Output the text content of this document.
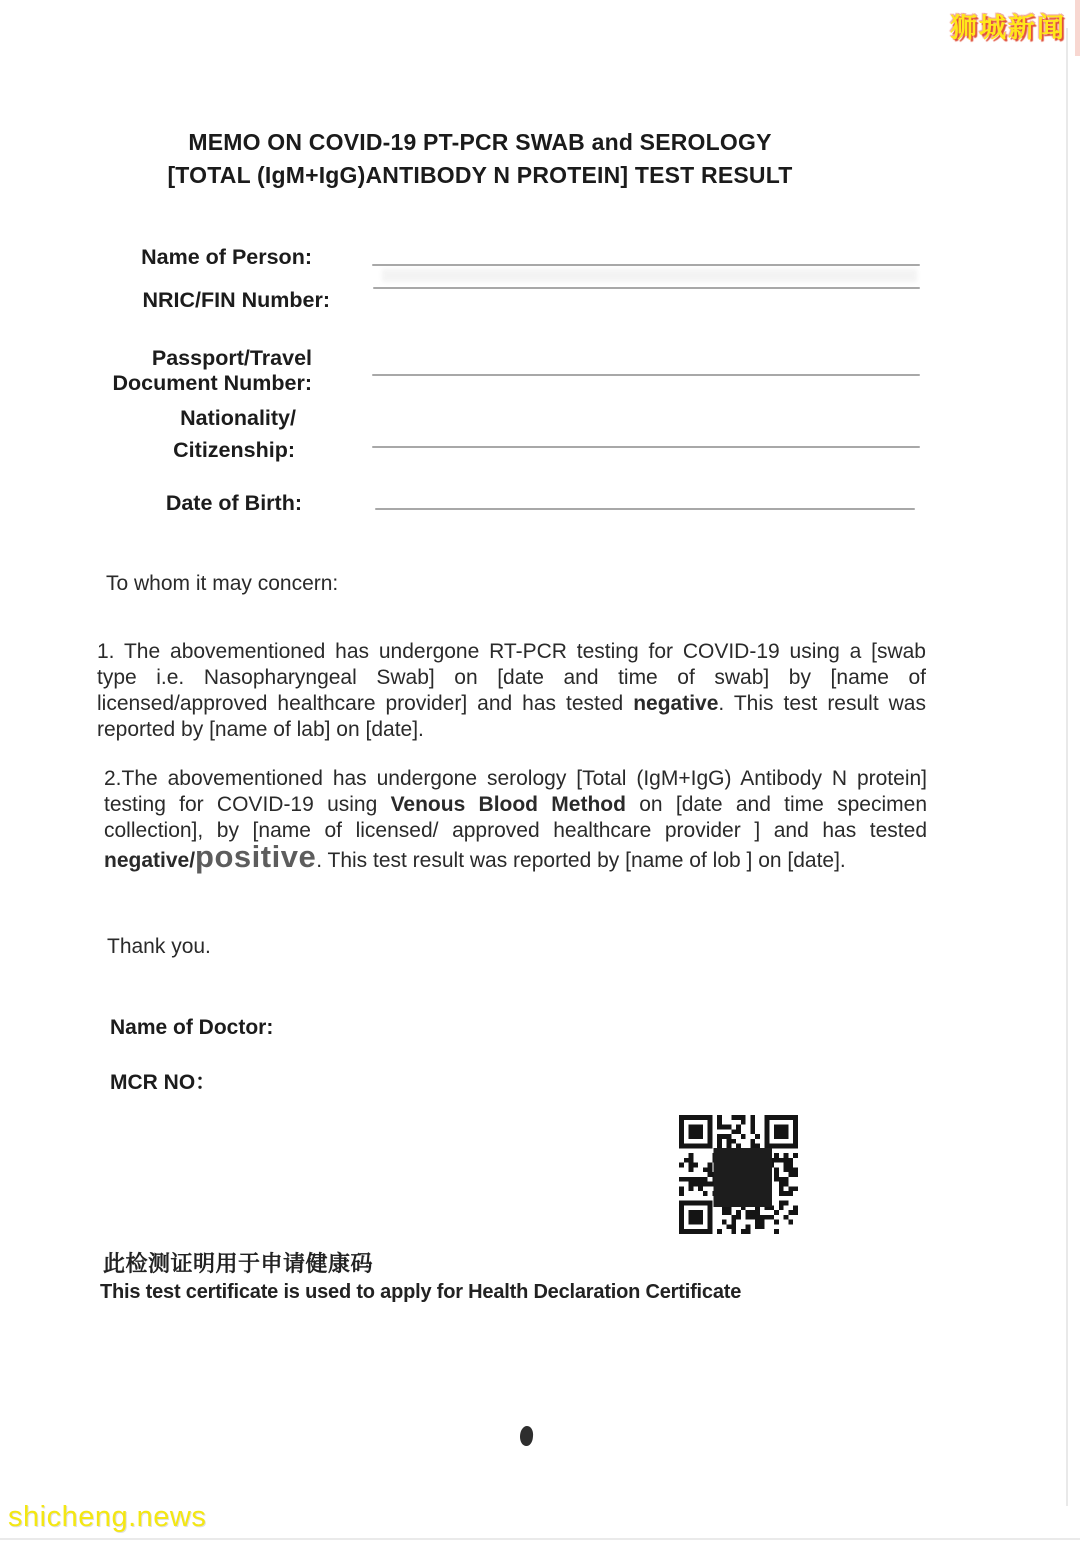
狮城新闻
MEMO ON COVID-19 PT-PCR SWAB and SEROLOGY
[TOTAL (IgM+IgG)ANTIBODY N PROTEIN] TEST RESULT
Name of Person:
NRIC/FIN Number:
Passport/Travel
Document Number:
Nationality/
Citizenship:
Date of Birth:
To whom it may concern:
1. The abovementioned has undergone RT-PCR testing for COVID-19 using a [swab type i.e. Nasopharyngeal Swab] on [date and time of swab] by [name of licensed/approved healthcare provider] and has tested negative. This test result was reported by [name of lab] on [date].
2.The abovementioned has undergone serology [Total (IgM+IgG) Antibody N protein] testing for COVID-19 using Venous Blood Method on [date and time specimen collection], by [name of licensed/ approved healthcare provider ] and has tested negative/positive. This test result was reported by [name of lob ] on [date].
Thank you.
Name of Doctor:
MCR NO：
此检测证明用于申请健康码
This test certificate is used to apply for Health Declaration Certificate
shicheng.news
